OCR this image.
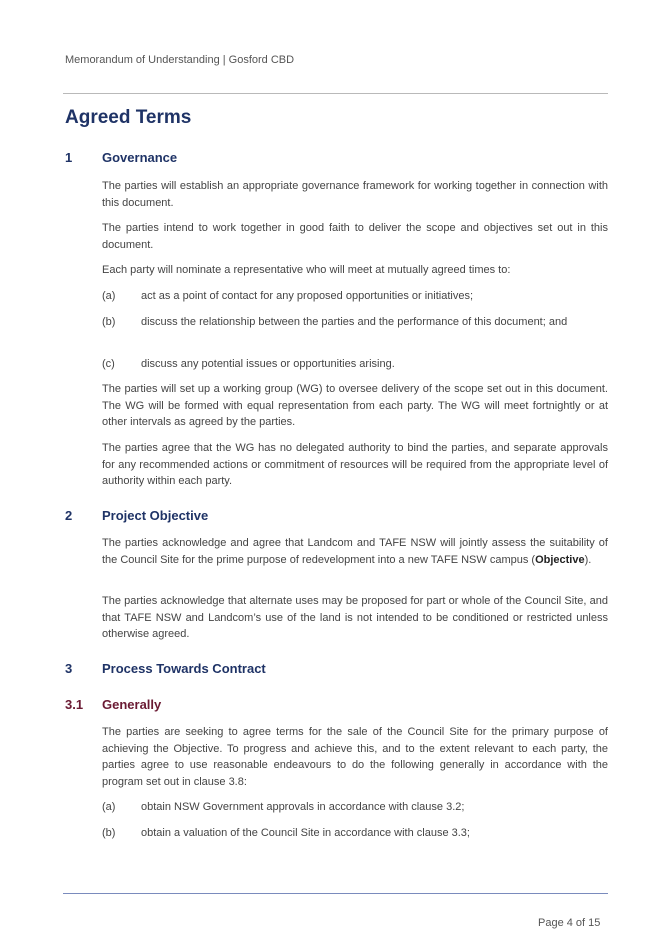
Memorandum of Understanding | Gosford CBD
Agreed Terms
1 Governance

The parties will establish an appropriate governance framework for working together in connection with this document.

The parties intend to work together in good faith to deliver the scope and objectives set out in this document.

Each party will nominate a representative who will meet at mutually agreed times to:

(a) act as a point of contact for any proposed opportunities or initiatives;
(b) discuss the relationship between the parties and the performance of this document; and
(c) discuss any potential issues or opportunities arising.

The parties will set up a working group (WG) to oversee delivery of the scope set out in this document. The WG will be formed with equal representation from each party. The WG will meet fortnightly or at other intervals as agreed by the parties.

The parties agree that the WG has no delegated authority to bind the parties, and separate approvals for any recommended actions or commitment of resources will be required from the appropriate level of authority within each party.

2 Project Objective

The parties acknowledge and agree that Landcom and TAFE NSW will jointly assess the suitability of the Council Site for the prime purpose of redevelopment into a new TAFE NSW campus (Objective).

The parties acknowledge that alternate uses may be proposed for part or whole of the Council Site, and that TAFE NSW and Landcom’s use of the land is not intended to be conditioned or restricted unless otherwise agreed.

3 Process Towards Contract
3.1 Generally

The parties are seeking to agree terms for the sale of the Council Site for the primary purpose of achieving the Objective. To progress and achieve this, and to the extent relevant to each party, the parties agree to use reasonable endeavours to do the following generally in accordance with the program set out in clause 3.8:

(a) obtain NSW Government approvals in accordance with clause 3.2;
(b) obtain a valuation of the Council Site in accordance with clause 3.3;
Page 4 of 15
